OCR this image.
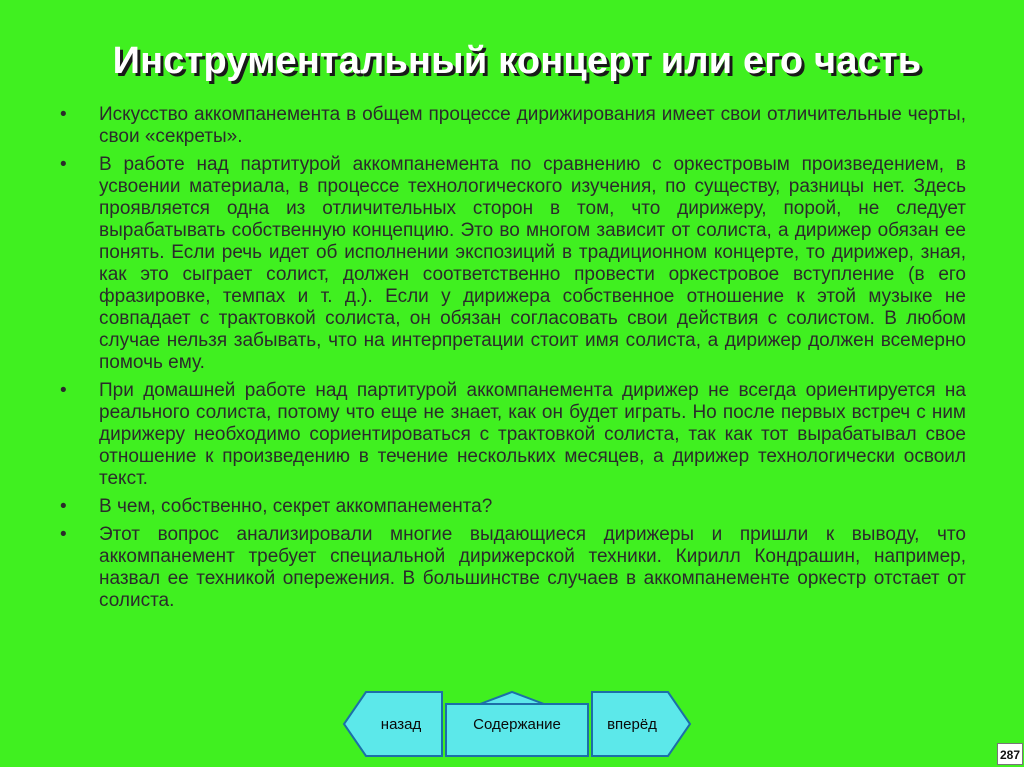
Инструментальный концерт или его часть
• Искусство аккомпанемента в общем процессе дирижирования имеет свои отличительные черты, свои «секреты».
• В работе над партитурой аккомпанемента по сравнению с оркестровым произведением, в усвоении материала, в процессе технологического изучения, по существу, разницы нет. Здесь проявляется одна из отличительных сторон в том, что дирижеру, порой, не следует вырабатывать собственную концепцию. Это во многом зависит от солиста, а дирижер обязан ее понять. Если речь идет об исполнении экспозиций в традиционном концерте, то дирижер, зная, как это сыграет солист, должен соответственно провести оркестровое вступление (в его фразировке, темпах и т. д.). Если у дирижера собственное отношение к этой музыке не совпадает с трактовкой солиста, он обязан согласовать свои действия с солистом. В любом случае нельзя забывать, что на интерпретации стоит имя солиста, а дирижер должен всемерно помочь ему.
• При домашней работе над партитурой аккомпанемента дирижер не всегда ориентируется на реального солиста, потому что еще не знает, как он будет играть. Но после первых встреч с ним дирижеру необходимо сориентироваться с трактовкой солиста, так как тот вырабатывал свое отношение к произведению в течение нескольких месяцев, а дирижер технологически освоил текст.
• В чем, собственно, секрет аккомпанемента?
• Этот вопрос анализировали многие выдающиеся дирижеры и пришли к выводу, что аккомпанемент требует специальной дирижерской техники. Кирилл Кондрашин, например, назвал ее техникой опережения. В большинстве случаев в аккомпанементе оркестр отстает от солиста.
назад	Содержание	вперёд
287
